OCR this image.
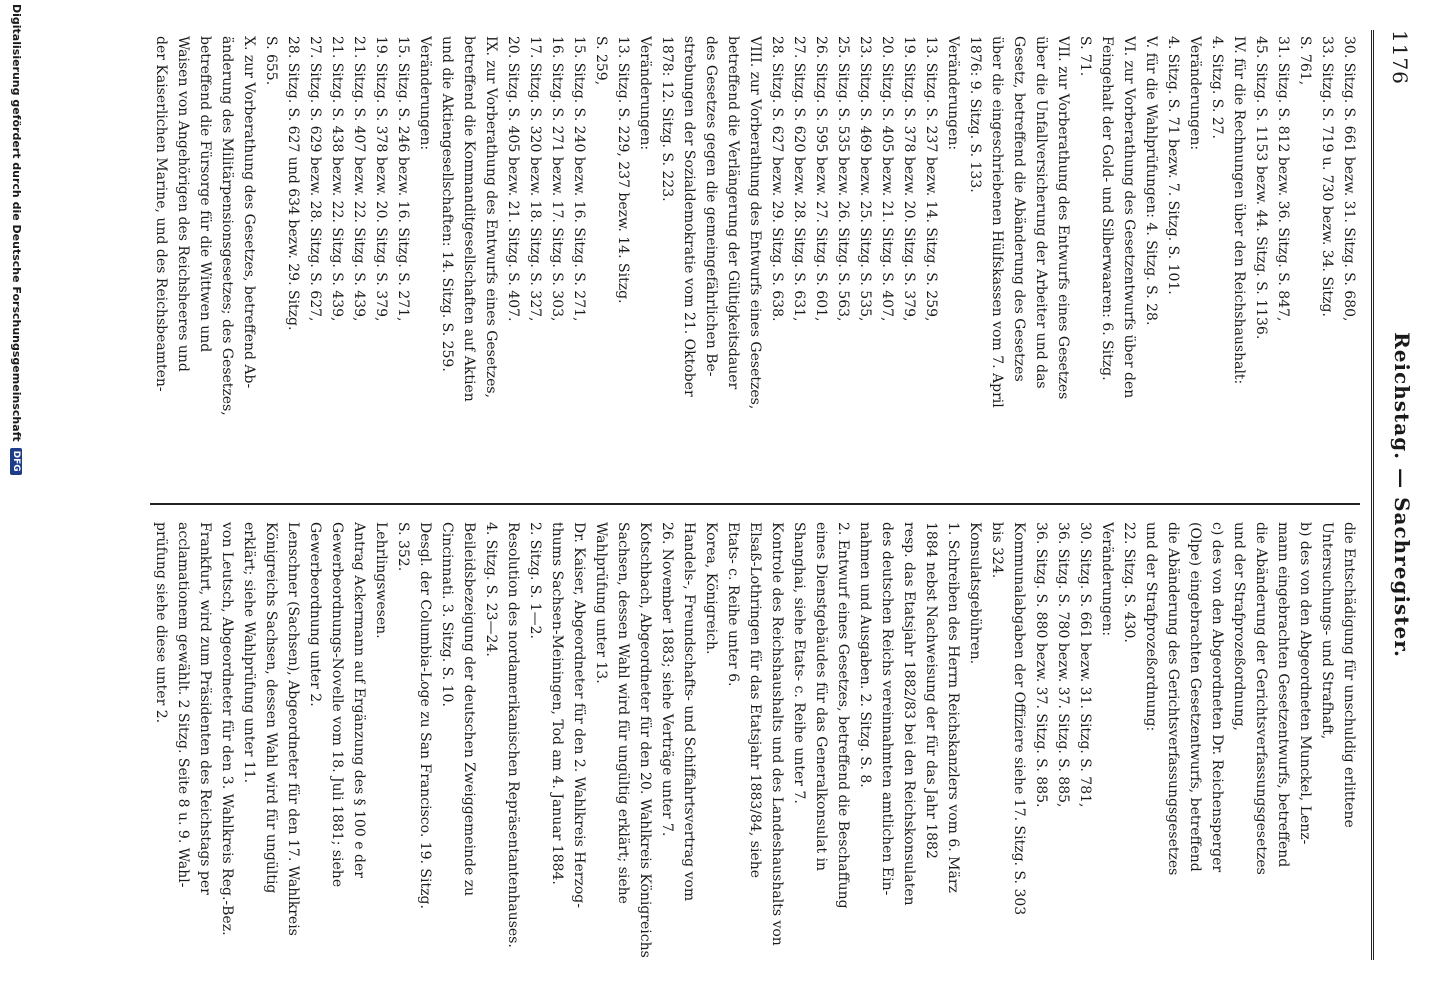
1176
Reichstag. — Sachregister.
30. Sitzg. S. 661 bezw. 31. Sitzg. S. 680,
33. Sitzg. S. 719 u. 730 bezw. 34. Sitzg.
S. 761,
31. Sitzg. S. 812 bezw. 36. Sitzg. S. 847,
45. Sitzg. S. 1153 bezw. 44. Sitzg. S. 1136.
IV. für die Rechnungen über den Reichshaushalt:
4. Sitzg. S. 27.
Veränderungen:
4. Sitzg. S. 71 bezw. 7. Sitzg. S. 101.
V. für die Wahlprüfungen: 4. Sitzg. S. 28.
VI. zur Vorberathung des Gesetzentwurfs über den
Feingehalt der Gold- und Silberwaaren: 6. Sitzg.
S. 71.
VII. zur Vorberathung des Entwurfs eines Gesetzes
über die Unfallversicherung der Arbeiter und das
Gesetz, betreffend die Abänderung des Gesetzes
über die eingeschriebenen Hülfskassen vom 7. April
1876: 9. Sitzg. S. 133.
Veränderungen:
13. Sitzg. S. 237 bezw. 14. Sitzg. S. 259,
19. Sitzg. S. 378 bezw. 20. Sitzg. S. 379,
20. Sitzg. S. 405 bezw. 21. Sitzg. S. 407,
23. Sitzg. S. 469 bezw. 25. Sitzg. S. 535,
25. Sitzg. S. 535 bezw. 26. Sitzg. S. 563,
26. Sitzg. S. 595 bezw. 27. Sitzg. S. 601,
27. Sitzg. S. 620 bezw. 28. Sitzg. S. 631,
28. Sitzg. S. 627 bezw. 29. Sitzg. S. 638.
VIII. zur Vorberathung des Entwurfs eines Gesetzes,
betreffend die Verlängerung der Gültigkeitsdauer
des Gesetzes gegen die gemeingefährlichen Be-
strebungen der Sozialdemokratie vom 21. Oktober
1878: 12. Sitzg. S. 223.
Veränderungen:
13. Sitzg. S. 229, 237 bezw. 14. Sitzg.
S. 259,
15. Sitzg. S. 240 bezw. 16. Sitzg. S. 271,
16. Sitzg. S. 271 bezw. 17. Sitzg. S. 303,
17. Sitzg. S. 320 bezw. 18. Sitzg. S. 327,
20. Sitzg. S. 405 bezw. 21. Sitzg. S. 407.
IX. zur Vorberathung des Entwurfs eines Gesetzes,
betreffend die Kommanditgesellschaften auf Aktien
und die Aktiengesellschaften: 14. Sitzg. S. 259.
Veränderungen:
15. Sitzg. S. 246 bezw. 16. Sitzg. S. 271,
19. Sitzg. S. 378 bezw. 20. Sitzg. S. 379,
21. Sitzg. S. 407 bezw. 22. Sitzg. S. 439,
21. Sitzg. S. 438 bezw. 22. Sitzg. S. 439,
27. Sitzg. S. 629 bezw. 28. Sitzg. S. 627,
28. Sitzg. S. 627 und 634 bezw. 29. Sitzg.
S. 655.
X. zur Vorberathung des Gesetzes, betreffend Ab-
änderung des Militärpensionsgesetzes; des Gesetzes,
betreffend die Fürsorge für die Wittwen und
Waisen von Angehörigen des Reichsheeres und
der Kaiserlichen Marine, und des Reichsbeamten-
die Entschädigung für unschuldig erlittene
Untersuchungs- und Strafhaft,
b) des von den Abgeordneten Munckel, Lenz-
mann eingebrachten Gesetzentwurfs, betreffend
die Abänderung der Gerichtsverfassungsgesetzes
und der Strafprozeßordnung,
c) des von den Abgeordneten Dr. Reichensperger
(Olpe) eingebrachten Gesetzentwurfs, betreffend
die Abänderung des Gerichtsverfassungsgesetzes
und der Strafprozeßordnung:
22. Sitzg. S. 430.
Veränderungen:
30. Sitzg. S. 661 bezw. 31. Sitzg. S. 781,
36. Sitzg. S. 780 bezw. 37. Sitzg. S. 885,
36. Sitzg. S. 880 bezw. 37. Sitzg. S. 885.
Kommunalabgaben der Offiziere siehe 17. Sitzg. S. 303
bis 324.
Konsulatsgebühren.
1. Schreiben des Herrn Reichskanzlers vom 6. März
1884 nebst Nachweisung der für das Jahr 1882
resp. das Etatsjahr 1882/83 bei den Reichskonsulaten
des deutschen Reichs vereinnahmten amtlichen Ein-
nahmen und Ausgaben. 2. Sitzg. S. 8.
2. Entwurf eines Gesetzes, betreffend die Beschaffung
eines Dienstgebäudes für das Generalkonsulat in
Shanghai, siehe Etats- c. Reihe unter 7.
Kontrole des Reichshaushalts und des Landeshaushalts von
Elsaß-Lothringen für das Etatsjahr 1883/84, siehe
Etats- c. Reihe unter 6.
Korea, Königreich.
Handels-, Freundschafts- und Schiffahrtsvertrag vom
26. November 1883; siehe Verträge unter 7.
Kotschbach, Abgeordneter für den 20. Wahlkreis Königreichs
Sachsen, dessen Wahl wird für ungültig erklärt; siehe
Wahlprüfung unter 13.
Dr. Kaiser, Abgeordneter für den 2. Wahlkreis Herzog-
thums Sachsen-Meiningen, Tod am 4. Januar 1884.
2. Sitzg. S. 1—2.
Resolution des nordamerikanischen Repräsentantenhauses.
4. Sitzg. S. 23—24.
Beileidsbezeigung der deutschen Zweiggemeinde zu
Cincinnati. 3. Sitzg. S. 10.
Desgl. der Columbia-Loge zu San Francisco. 19. Sitzg.
S. 352.
Lehrlingswesen.
Antrag Ackermann auf Ergänzung des § 100 e der
Gewerbeordnungs-Novelle vom 18. Juli 1881; siehe
Gewerbeordnung unter 2.
Lenschner (Sachsen), Abgeordneter für den 17. Wahlkreis
Königreichs Sachsen, dessen Wahl wird für ungültig
erklärt; siehe Wahlprüfung unter 11.
von Leutsch, Abgeordneter für den 3. Wahlkreis Reg.-Bez.
Frankfurt, wird zum Präsidenten des Reichstags per
acclamationem gewählt. 2 Sitzg. Seite 8 u. 9. Wahl-
prüfung siehe diese unter 2.
Digitalisierung gefördert durch die Deutsche Forschungsgemeinschaft
DFG
